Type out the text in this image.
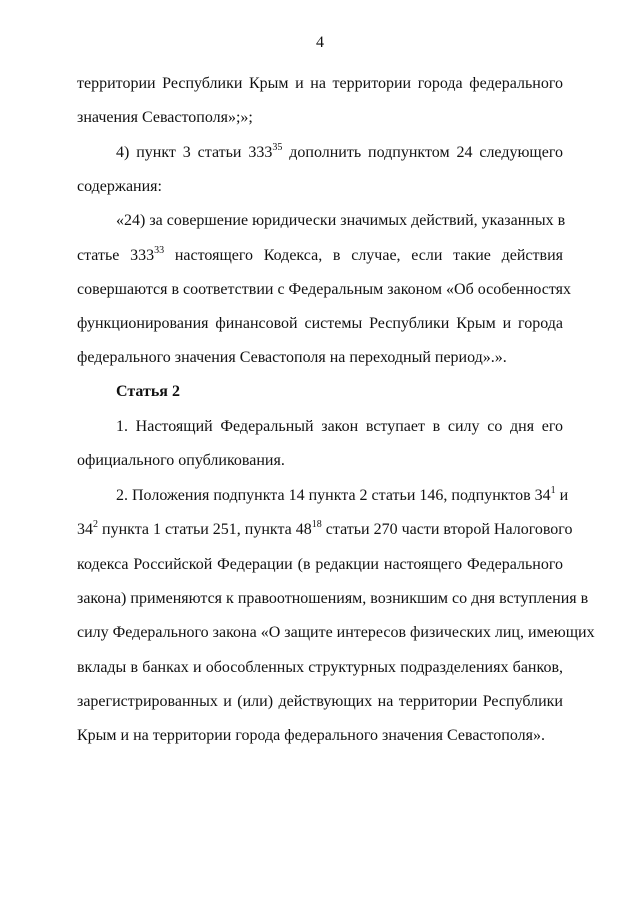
4
территории Республики Крым и на территории города федерального
значения Севастополя»;»;
4) пункт 3 статьи $333^{35}$ дополнить подпунктом 24 следующего
содержания:
«24) за совершение юридически значимых действий, указанных в
статье $333^{33}$ настоящего Кодекса, в случае, если такие действия
совершаются в соответствии с Федеральным законом «Об особенностях
функционирования финансовой системы Республики Крым и города
федерального значения Севастополя на переходный период».».
Статья 2
1. Настоящий Федеральный закон вступает в силу со дня его
официального опубликования.
2. Положения подпункта 14 пункта 2 статьи 146, подпунктов $34^1$ и
$34^2$ пункта 1 статьи 251, пункта $48^{18}$ статьи 270 части второй Налогового
кодекса Российской Федерации (в редакции настоящего Федерального
закона) применяются к правоотношениям, возникшим со дня вступления в
силу Федерального закона «О защите интересов физических лиц, имеющих
вклады в банках и обособленных структурных подразделениях банков,
зарегистрированных и (или) действующих на территории Республики
Крым и на территории города федерального значения Севастополя».
